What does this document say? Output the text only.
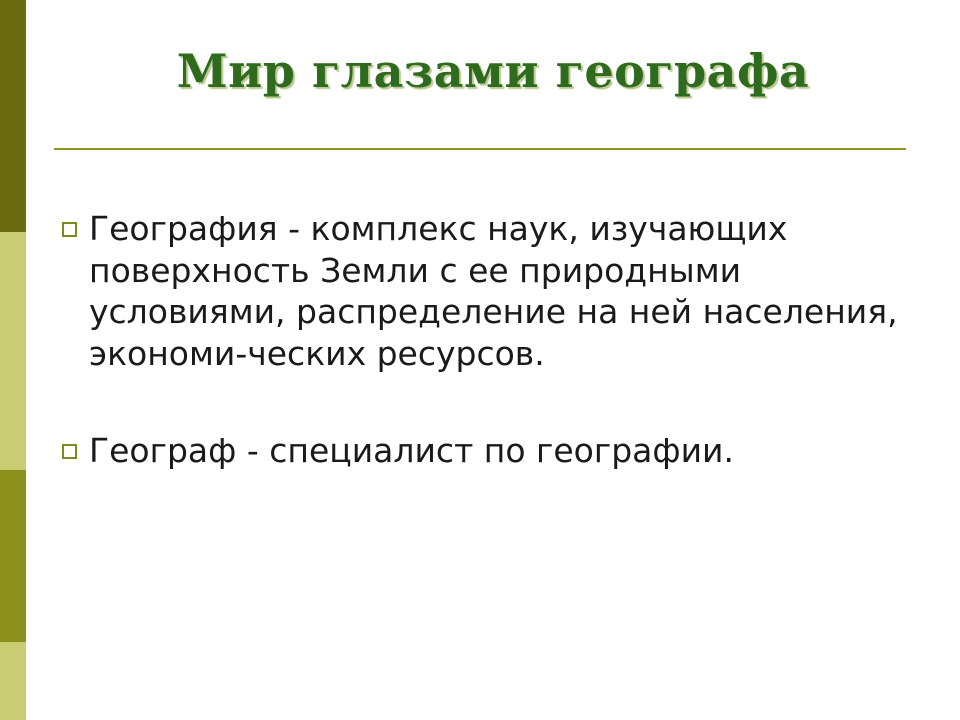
Мир глазами географа
География - комплекс наук, изучающих поверхность Земли с ее природными условиями, распределение на ней населения, экономи-ческих ресурсов.
Географ - специалист по географии.
